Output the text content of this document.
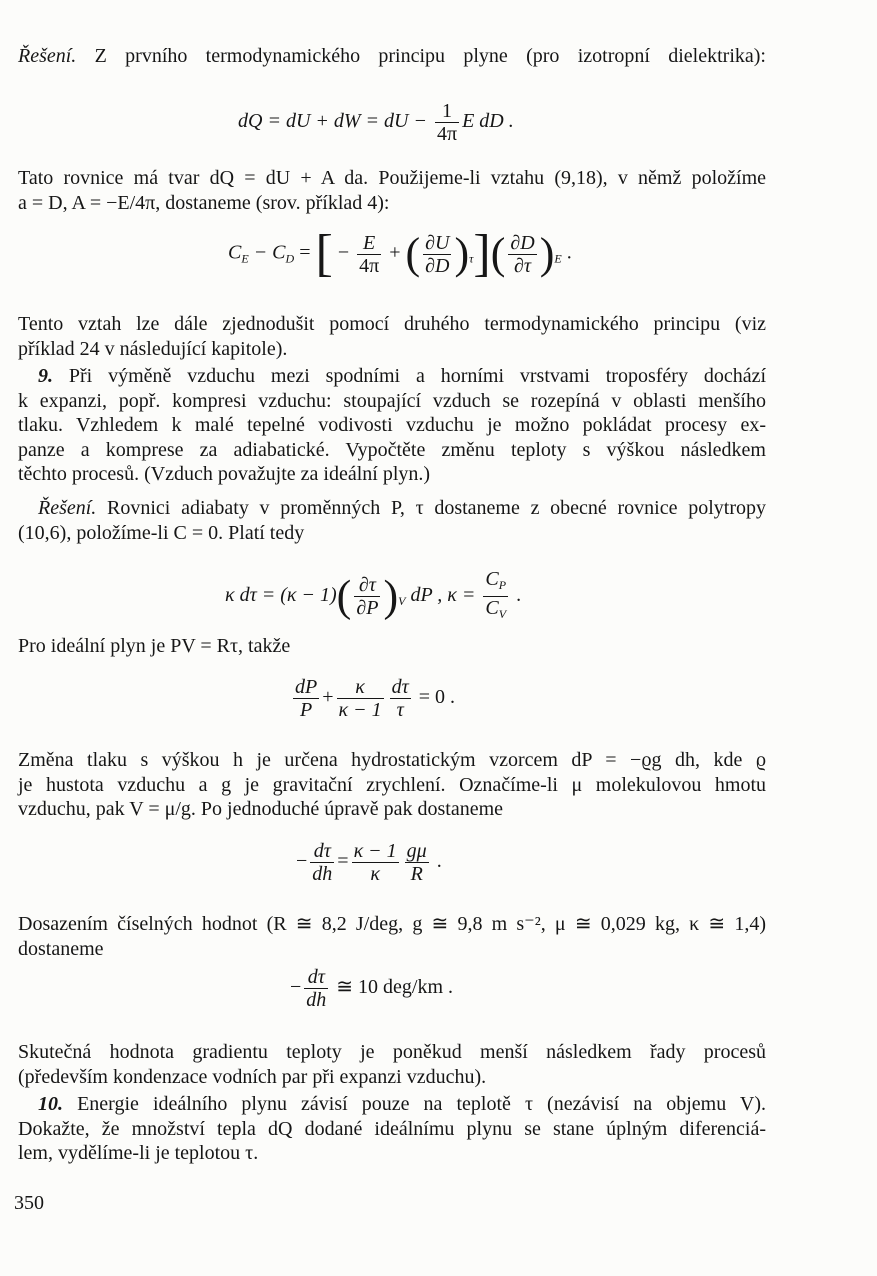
Řešení. Z prvního termodynamického principu plyne (pro izotropní dielektrika):
dQ = dU + dW = dU − $\frac{1}{4\pi}$ E dD .
Tato rovnice má tvar dQ = dU + A da. Použijeme-li vztahu (9,18), v němž položíme
a = D, A = −E/4π, dostaneme (srov. příklad 4):
$C_E - C_D$ = [ − $\frac{E}{4\pi}$ + ( $\frac{\partial U}{\partial D} )_\tau]( \frac{\partial D}{\partial\tau} )_E$ .
Tento vztah lze dále zjednodušit pomocí druhého termodynamického principu (viz
příklad 24 v následující kapitole).
9. Při výměně vzduchu mezi spodními a horními vrstvami troposféry dochází
k expanzi, popř. kompresi vzduchu: stoupající vzduch se rozepíná v oblasti menšího
tlaku. Vzhledem k malé tepelné vodivosti vzduchu je možno pokládat procesy ex-
panze a komprese za adiabatické. Vypočtěte změnu teploty s výškou následkem
těchto procesů. (Vzduch považujte za ideální plyn.)
Řešení. Rovnici adiabaty v proměnných P, τ dostaneme z obecné rovnice polytropy
(10,6), položíme-li C = 0. Platí tedy
κ $d\tau = (\kappa - 1)( \frac{\partial\tau}{\partial P} )_V$ dP , $\kappa = \frac{C_P}{C_V}$ .
Pro ideální plyn je PV = Rτ, takže
$\frac{dP}{P} + \frac{\kappa}{\kappa - 1} \frac{d\tau}{\tau} = 0$ .
Změna tlaku s výškou h je určena hydrostatickým vzorcem dP = −ϱg dh, kde ϱ
je hustota vzduchu a g je gravitační zrychlení. Označíme-li μ molekulovou hmotu
vzduchu, pak V = μ/g. Po jednoduché úpravě pak dostaneme
− $\frac{d\tau}{dh} = \frac{\kappa - 1}{\kappa} \frac{g\mu}{R}$ .
Dosazením číselných hodnot (R ≅ 8,2 J/deg, g ≅ 9,8 m s⁻², μ ≅ 0,029 kg, κ ≅ 1,4)
dostaneme
− $\frac{d\tau}{dh}$ ≅ 10 deg/km .
Skutečná hodnota gradientu teploty je poněkud menší následkem řady procesů
(především kondenzace vodních par při expanzi vzduchu).
10. Energie ideálního plynu závisí pouze na teplotě τ (nezávisí na objemu V).
Dokažte, že množství tepla dQ dodané ideálnímu plynu se stane úplným diferenciá-
lem, vydělíme-li je teplotou τ.
350
